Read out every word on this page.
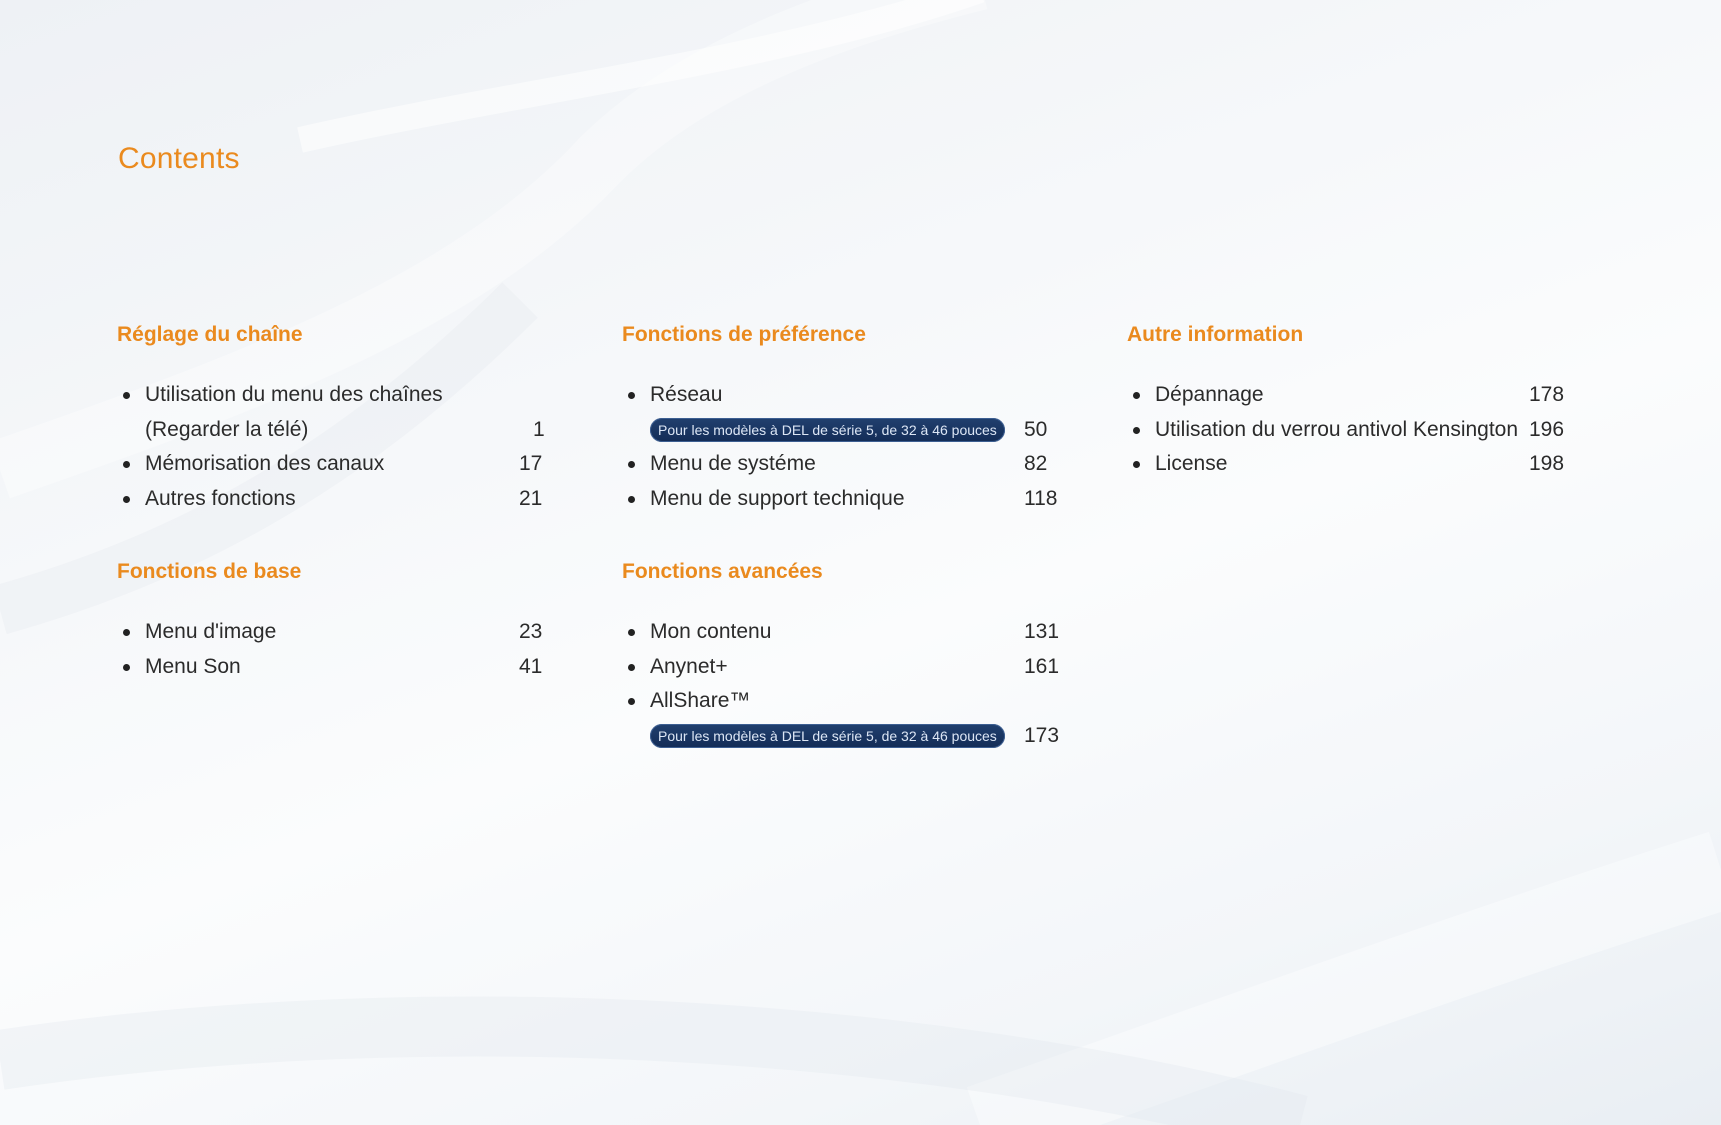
Contents
Réglage du chaîne
Utilisation du menu des chaînes
(Regarder la télé)	1
Mémorisation des canaux	17
Autres fonctions	21
Fonctions de base
Menu d'image	23
Menu Son	41
Fonctions de préférence
Réseau
Pour les modèles à DEL de série 5, de 32 à 46 pouces	50
Menu de systéme	82
Menu de support technique	118
Fonctions avancées
Mon contenu	131
Anynet+	161
AllShare™
Pour les modèles à DEL de série 5, de 32 à 46 pouces	173
Autre information
Dépannage	178
Utilisation du verrou antivol Kensington 196
License	198
